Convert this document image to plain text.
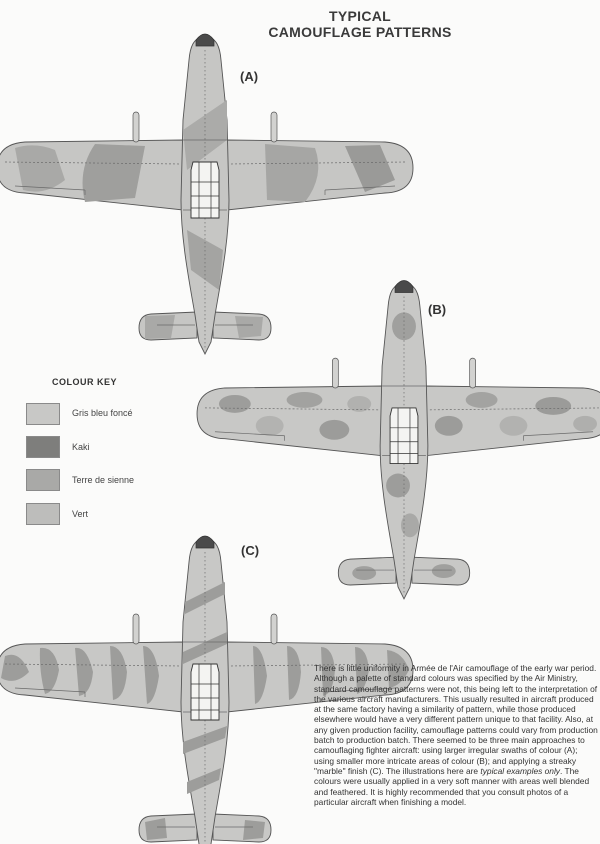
TYPICAL
CAMOUFLAGE PATTERNS
(A)
(B)
(C)
COLOUR KEY
Gris bleu foncé
Kaki
Terre de sienne
Vert
There is little uniformity in Armée de l'Air camouflage of the early war period. Although a palette of standard colours was specified by the Air Ministry, standard camouflage patterns were not, this being left to the interpretation of the various aircraft manufacturers. This usually resulted in aircraft produced at the same factory having a similarity of pattern, while those produced elsewhere would have a very different pattern unique to that facility. Also, at any given production facility, camouflage patterns could vary from production batch to production batch. There seemed to be three main approaches to camouflaging fighter aircraft: using larger irregular swaths of colour (A); using smaller more intricate areas of colour (B); and applying a streaky "marble" finish (C). The illustrations here are typical examples only. The colours were usually applied in a very soft manner with areas well blended and feathered. It is highly recommended that you consult photos of a particular aircraft when finishing a model.
